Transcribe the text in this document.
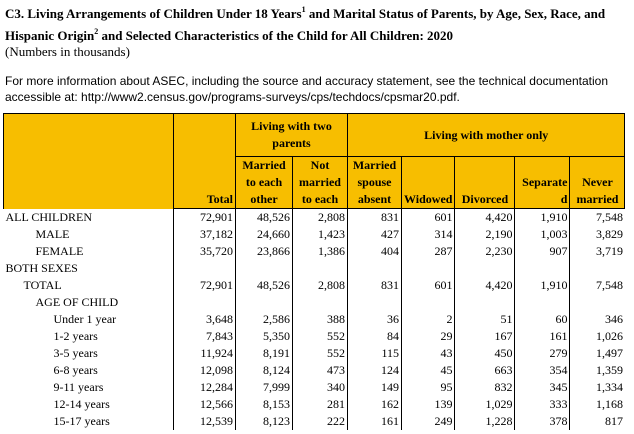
C3. Living Arrangements of Children Under 18 Years$^1$ and Marital Status of Parents, by Age, Sex, Race, and Hispanic Origin$^2$ and Selected Characteristics of the Child for All Children: 2020
(Numbers in thousands)
For more information about ASEC, including the source and accuracy statement, see the technical documentation accessible at: http://www2.census.gov/programs-surveys/cps/techdocs/cpsmar20.pdf.
		Living with two parents		Living with mother only				
	Total	Married to each other	Not married to each	Married spouse absent	Widowed	Divorced	Separate d	Never married
ALL CHILDREN	72,901	48,526	2,808	831	601	4,420	1,910	7,548
MALE	37,182	24,660	1,423	427	314	2,190	1,003	3,829
FEMALE	35,720	23,866	1,386	404	287	2,230	907	3,719
BOTH SEXES								
TOTAL	72,901	48,526	2,808	831	601	4,420	1,910	7,548
AGE OF CHILD								
Under 1 year	3,648	2,586	388	36	2	51	60	346
1-2 years	7,843	5,350	552	84	29	167	161	1,026
3-5 years	11,924	8,191	552	115	43	450	279	1,497
6-8 years	12,098	8,124	473	124	45	663	354	1,359
9-11 years	12,284	7,999	340	149	95	832	345	1,334
12-14 years	12,566	8,153	281	162	139	1,029	333	1,168
15-17 years	12,539	8,123	222	161	249	1,228	378	817
